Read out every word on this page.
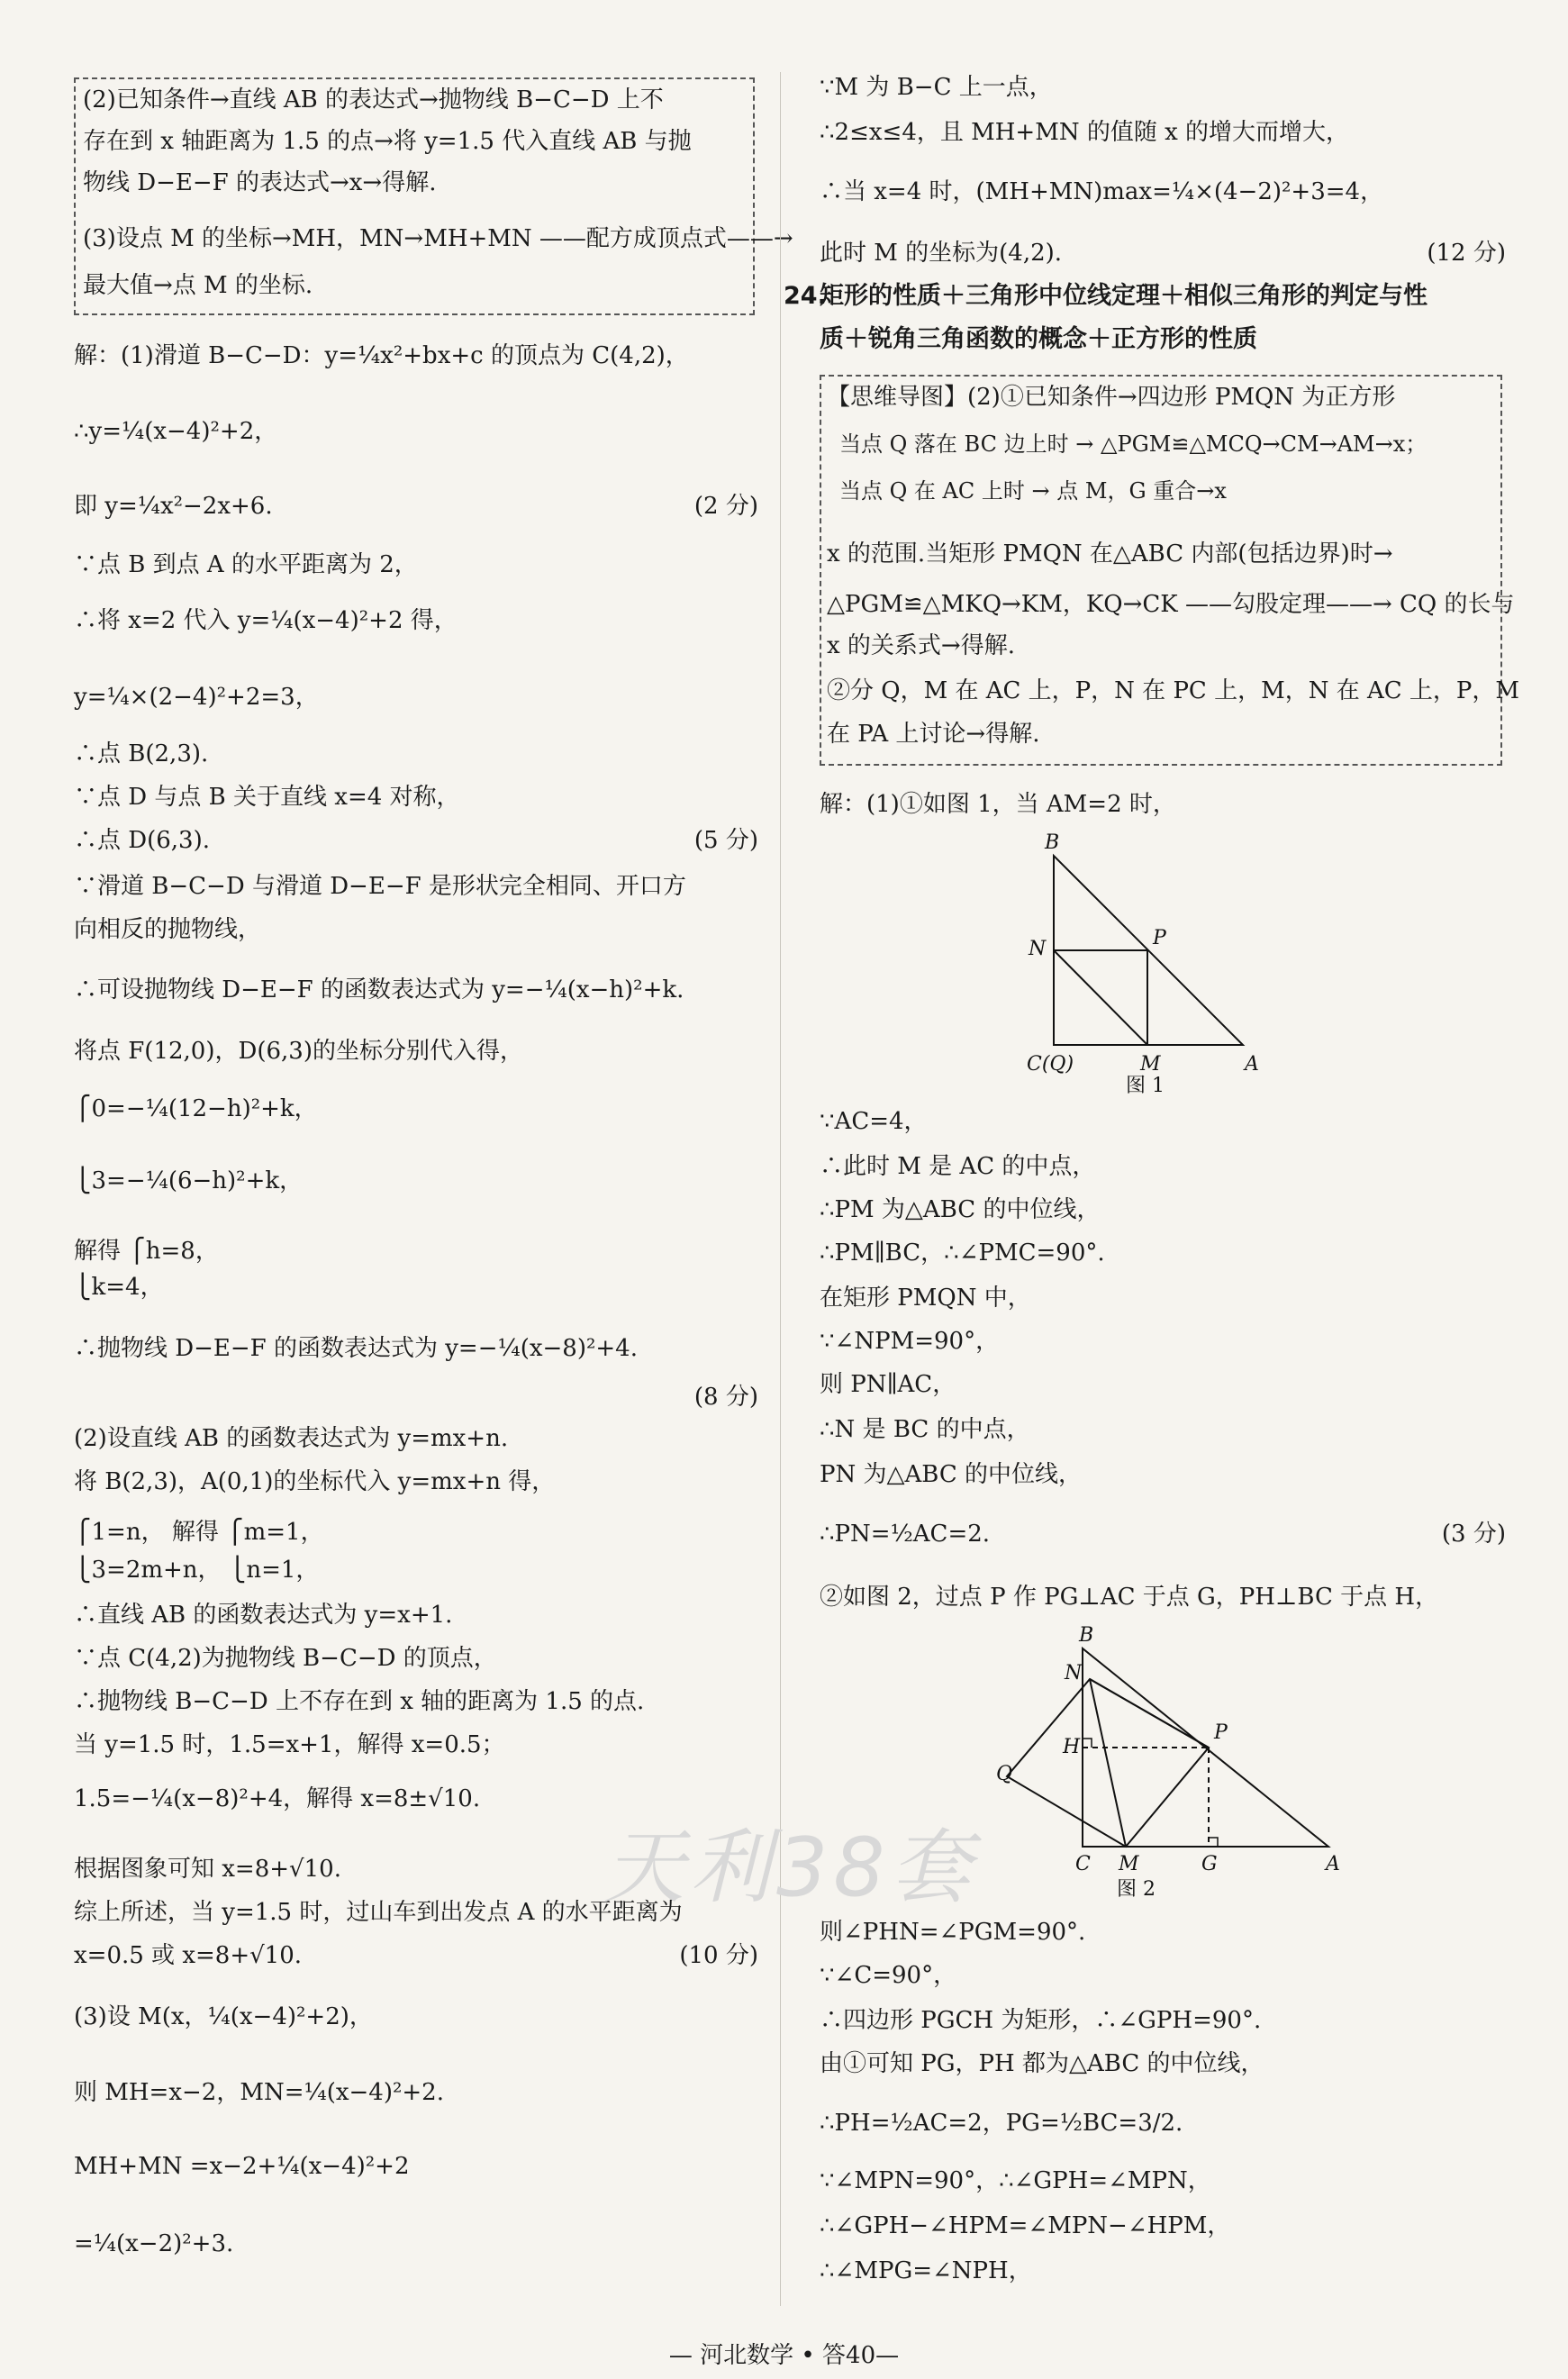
(2)已知条件→直线 AB 的表达式→抛物线 B−C−D 上不
存在到 x 轴距离为 1.5 的点→将 y=1.5 代入直线 AB 与抛
物线 D−E−F 的表达式→x→得解.
(3)设点 M 的坐标→MH，MN→MH+MN ——配方成顶点式——→
最大值→点 M 的坐标.
解：(1)滑道 B−C−D：y=¼x²+bx+c 的顶点为 C(4,2)，
∴y=¼(x−4)²+2，
即 y=¼x²−2x+6.	(2 分)
∵点 B 到点 A 的水平距离为 2，
∴将 x=2 代入 y=¼(x−4)²+2 得，
y=¼×(2−4)²+2=3，
∴点 B(2,3).
∵点 D 与点 B 关于直线 x=4 对称，
∴点 D(6,3).	(5 分)
∵滑道 B−C−D 与滑道 D−E−F 是形状完全相同、开口方
向相反的抛物线，
∴可设抛物线 D−E−F 的函数表达式为 y=−¼(x−h)²+k.
将点 F(12,0)，D(6,3)的坐标分别代入得，
⎧0=−¼(12−h)²+k，
⎩3=−¼(6−h)²+k，
解得 ⎧h=8，
⎩k=4，
∴抛物线 D−E−F 的函数表达式为 y=−¼(x−8)²+4.
(8 分)
(2)设直线 AB 的函数表达式为 y=mx+n.
将 B(2,3)，A(0,1)的坐标代入 y=mx+n 得，
⎧1=n， 解得 ⎧m=1，
⎩3=2m+n， ⎩n=1，
∴直线 AB 的函数表达式为 y=x+1.
∵点 C(4,2)为抛物线 B−C−D 的顶点，
∴抛物线 B−C−D 上不存在到 x 轴的距离为 1.5 的点.
当 y=1.5 时，1.5=x+1，解得 x=0.5；
1.5=−¼(x−8)²+4，解得 x=8±√10.
根据图象可知 x=8+√10.
综上所述，当 y=1.5 时，过山车到出发点 A 的水平距离为
x=0.5 或 x=8+√10.	(10 分)
(3)设 M(x，¼(x−4)²+2)，
则 MH=x−2，MN=¼(x−4)²+2.
MH+MN =x−2+¼(x−4)²+2
=¼(x−2)²+3.
∵M 为 B−C 上一点，
∴2≤x≤4，且 MH+MN 的值随 x 的增大而增大，
∴当 x=4 时，(MH+MN)max=¼×(4−2)²+3=4，
此时 M 的坐标为(4,2).	(12 分)
24.
矩形的性质＋三角形中位线定理＋相似三角形的判定与性
质＋锐角三角函数的概念＋正方形的性质
【思维导图】(2)①已知条件→四边形 PMQN 为正方形
当点 Q 落在 BC 边上时 → △PGM≌△MCQ→CM→AM→x；
当点 Q 在 AC 上时 → 点 M，G 重合→x
x 的范围.当矩形 PMQN 在△ABC 内部(包括边界)时→
△PGM≌△MKQ→KM，KQ→CK ——勾股定理——→ CQ 的长与
x 的关系式→得解.
②分 Q，M 在 AC 上，P，N 在 PC 上，M，N 在 AC 上，P，M
在 PA 上讨论→得解.
解：(1)①如图 1，当 AM=2 时，
B
P
N
C(Q)	M	A
图 1
∵AC=4，
∴此时 M 是 AC 的中点，
∴PM 为△ABC 的中位线，
∴PM∥BC，∴∠PMC=90°.
在矩形 PMQN 中，
∵∠NPM=90°，
则 PN∥AC，
∴N 是 BC 的中点，
PN 为△ABC 的中位线，
∴PN=½AC=2.	(3 分)
②如图 2，过点 P 作 PG⊥AC 于点 G，PH⊥BC 于点 H，
B
N
H
P
Q
C M	G	A
图 2
则∠PHN=∠PGM=90°.
∵∠C=90°，
∴四边形 PGCH 为矩形，∴∠GPH=90°.
由①可知 PG，PH 都为△ABC 的中位线，
∴PH=½AC=2，PG=½BC=3/2.
∵∠MPN=90°，∴∠GPH=∠MPN，
∴∠GPH−∠HPM=∠MPN−∠HPM，
∴∠MPG=∠NPH，
天利38套
— 河北数学 • 答40—
